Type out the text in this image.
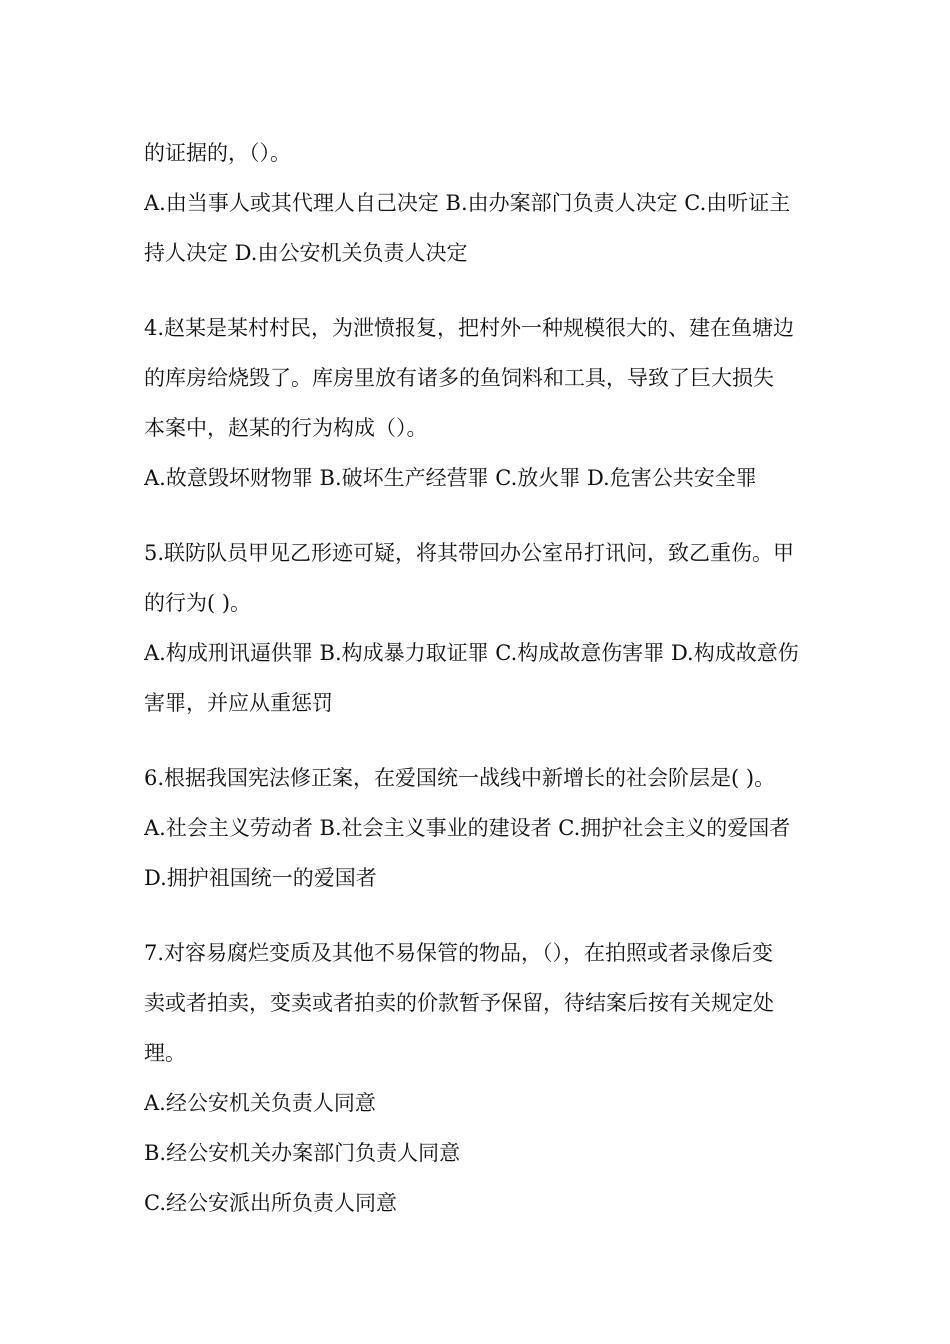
的证据的，（）。
A.由当事人或其代理人自己决定 B.由办案部门负责人决定 C.由听证主
持人决定 D.由公安机关负责人决定
4.赵某是某村村民，为泄愤报复，把村外一种规模很大的、建在鱼塘边
的库房给烧毁了。库房里放有诸多的鱼饲料和工具，导致了巨大损失
本案中，赵某的行为构成（）。
A.故意毁坏财物罪 B.破坏生产经营罪 C.放火罪 D.危害公共安全罪
5.联防队员甲见乙形迹可疑，将其带回办公室吊打讯问，致乙重伤。甲
的行为( )。
A.构成刑讯逼供罪 B.构成暴力取证罪 C.构成故意伤害罪 D.构成故意伤
害罪，并应从重惩罚
6.根据我国宪法修正案，在爱国统一战线中新增长的社会阶层是( )。
A.社会主义劳动者 B.社会主义事业的建设者 C.拥护社会主义的爱国者
D.拥护祖国统一的爱国者
7.对容易腐烂变质及其他不易保管的物品，（），在拍照或者录像后变
卖或者拍卖，变卖或者拍卖的价款暂予保留，待结案后按有关规定处
理。
A.经公安机关负责人同意
B.经公安机关办案部门负责人同意
C.经公安派出所负责人同意
